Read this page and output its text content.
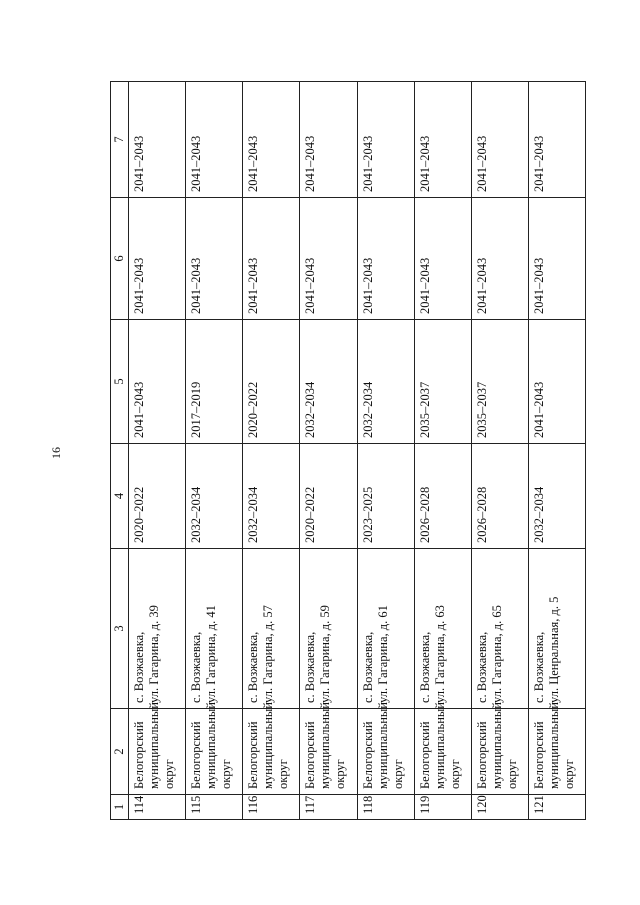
16
1	2	3	4	5	6	7
114	Белогорский муниципальный округ	с. Возжаевка, ул. Гагарина, д. 39	2020–2022	2041–2043	2041–2043	2041–2043
115	Белогорский муниципальный округ	с. Возжаевка, ул. Гагарина, д. 41	2032–2034	2017–2019	2041–2043	2041–2043
116	Белогорский муниципальный округ	с. Возжаевка, ул. Гагарина, д. 57	2032–2034	2020–2022	2041–2043	2041–2043
117	Белогорский муниципальный округ	с. Возжаевка, ул. Гагарина, д. 59	2020–2022	2032–2034	2041–2043	2041–2043
118	Белогорский муниципальный округ	с. Возжаевка, ул. Гагарина, д. 61	2023–2025	2032–2034	2041–2043	2041–2043
119	Белогорский муниципальный округ	с. Возжаевка, ул. Гагарина, д. 63	2026–2028	2035–2037	2041–2043	2041–2043
120	Белогорский муниципальный округ	с. Возжаевка, ул. Гагарина, д. 65	2026–2028	2035–2037	2041–2043	2041–2043
121	Белогорский муниципальный округ	с. Возжаевка, ул. Ценральная, д. 5	2032–2034	2041–2043	2041–2043	2041–2043
